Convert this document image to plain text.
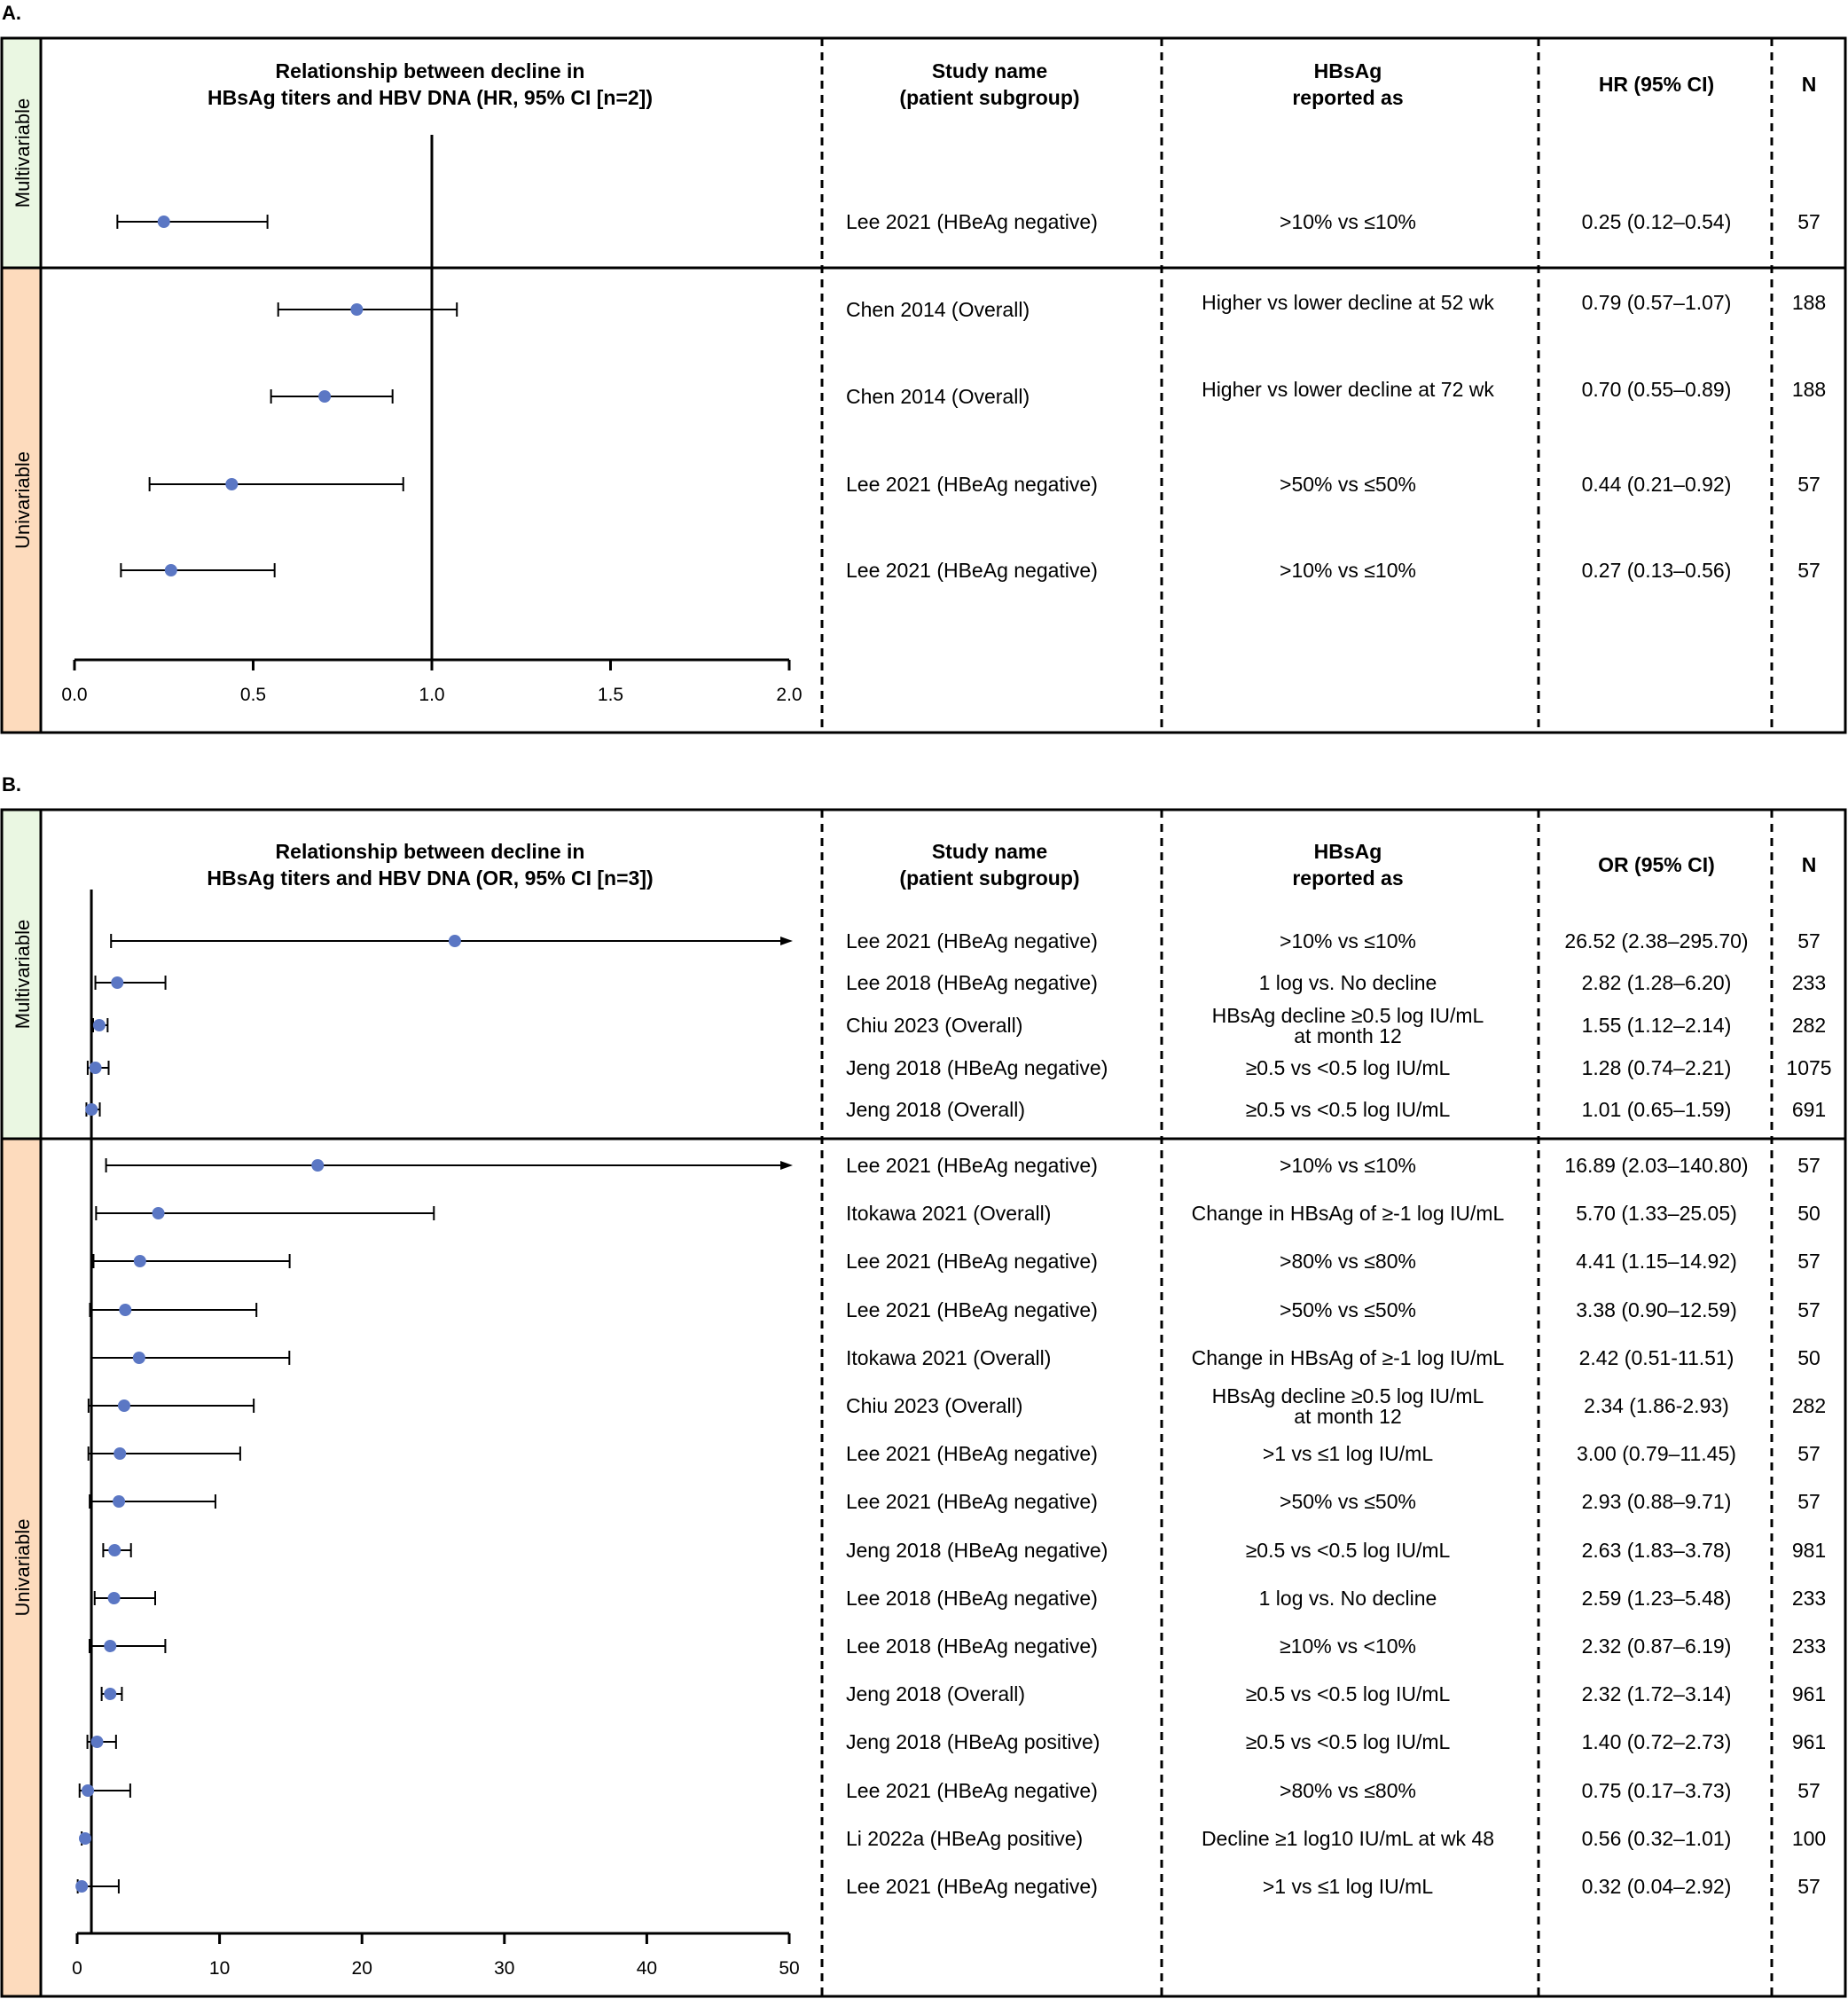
A.
Multivariable
Univariable
Relationship between decline in
HBsAg titers and HBV DNA (HR, 95% CI [n=2])
Study name
(patient subgroup)
HBsAg
reported as
HR (95% CI)	N
0.0	0.5	1.0	1.5	2.0
Lee 2021 (HBeAg negative)	>10% vs ≤10%	0.25 (0.12–0.54)	57
Chen 2014 (Overall)	Higher vs lower decline at 52 wk	0.79 (0.57–1.07)	188
Chen 2014 (Overall)	Higher vs lower decline at 72 wk	0.70 (0.55–0.89)	188
Lee 2021 (HBeAg negative)	>50% vs ≤50%	0.44 (0.21–0.92)	57
Lee 2021 (HBeAg negative)	>10% vs ≤10%	0.27 (0.13–0.56)	57
B.
Multivariable
Univariable
Relationship between decline in
HBsAg titers and HBV DNA (OR, 95% CI [n=3])
Study name
(patient subgroup)
HBsAg
reported as
OR (95% CI)	N
0	10	20	30	40	50
Lee 2021 (HBeAg negative)	>10% vs ≤10%	26.52 (2.38–295.70) 57
Lee 2018 (HBeAg negative)	1 log vs. No decline	2.82 (1.28–6.20)	233
Chiu 2023 (Overall)	HBsAg decline ≥0.5 log IU/mL
at month 12	1.55 (1.12–2.14)	282
Jeng 2018 (HBeAg negative)	≥0.5 vs <0.5 log IU/mL	1.28 (0.74–2.21)	1075
Jeng 2018 (Overall)	≥0.5 vs <0.5 log IU/mL	1.01 (0.65–1.59)	691
Lee 2021 (HBeAg negative)	>10% vs ≤10%	16.89 (2.03–140.80) 57
Itokawa 2021 (Overall)	Change in HBsAg of ≥-1 log IU/mL	5.70 (1.33–25.05)	50
Lee 2021 (HBeAg negative)	>80% vs ≤80%	4.41 (1.15–14.92)	57
Lee 2021 (HBeAg negative)	>50% vs ≤50%	3.38 (0.90–12.59)	57
Itokawa 2021 (Overall)	Change in HBsAg of ≥-1 log IU/mL	2.42 (0.51-11.51)	50
Chiu 2023 (Overall)	HBsAg decline ≥0.5 log IU/mL
at month 12	2.34 (1.86-2.93)	282
Lee 2021 (HBeAg negative)	>1 vs ≤1 log IU/mL	3.00 (0.79–11.45)	57
Lee 2021 (HBeAg negative)	>50% vs ≤50%	2.93 (0.88–9.71)	57
Jeng 2018 (HBeAg negative)	≥0.5 vs <0.5 log IU/mL	2.63 (1.83–3.78)	981
Lee 2018 (HBeAg negative)	1 log vs. No decline	2.59 (1.23–5.48)	233
Lee 2018 (HBeAg negative)	≥10% vs <10%	2.32 (0.87–6.19)	233
Jeng 2018 (Overall)	≥0.5 vs <0.5 log IU/mL	2.32 (1.72–3.14)	961
Jeng 2018 (HBeAg positive)	≥0.5 vs <0.5 log IU/mL	1.40 (0.72–2.73)	961
Lee 2021 (HBeAg negative)	>80% vs ≤80%	0.75 (0.17–3.73)	57
Li 2022a (HBeAg positive)	Decline ≥1 log10 IU/mL at wk 48	0.56 (0.32–1.01)	100
Lee 2021 (HBeAg negative)	>1 vs ≤1 log IU/mL	0.32 (0.04–2.92)	57
